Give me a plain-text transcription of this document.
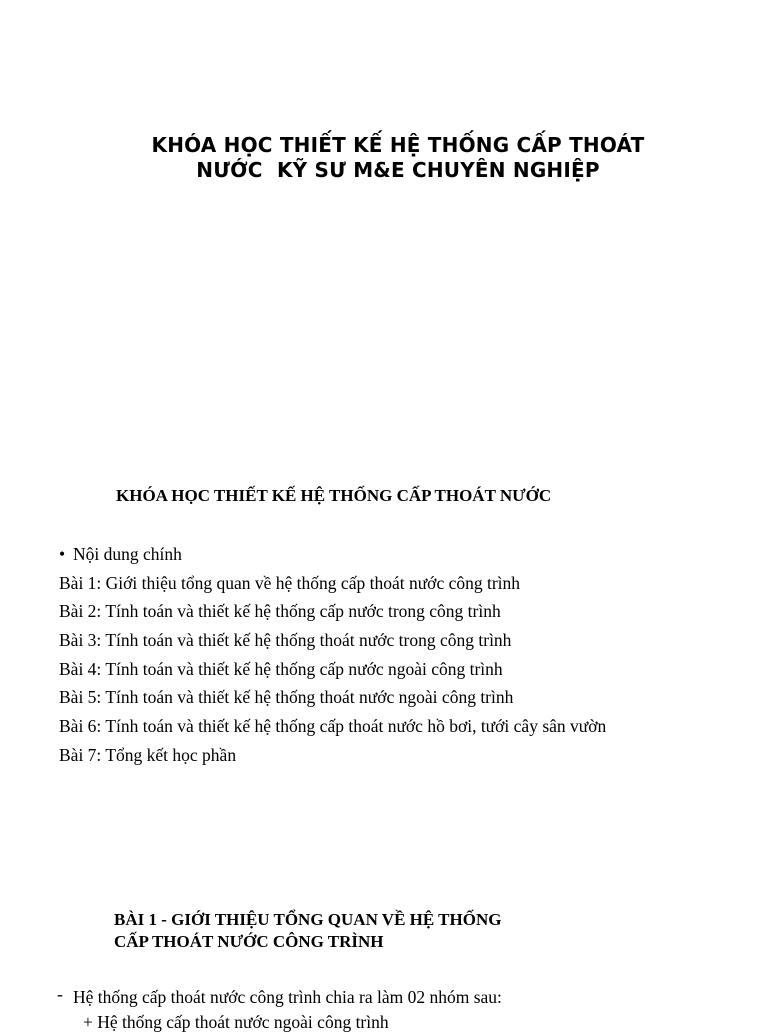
KHÓA HỌC THIẾT KẾ HỆ THỐNG CẤP THOÁT
NƯỚC  KỸ SƯ M&E CHUYÊN NGHIỆP
KHÓA HỌC THIẾT KẾ HỆ THỐNG CẤP THOÁT NƯỚC
• Nội dung chính
Bài 1: Giới thiệu tổng quan về hệ thống cấp thoát nước công trình
Bài 2: Tính toán và thiết kế hệ thống cấp nước trong công trình
Bài 3: Tính toán và thiết kế hệ thống thoát nước trong công trình
Bài 4: Tính toán và thiết kế hệ thống cấp nước ngoài công trình
Bài 5: Tính toán và thiết kế hệ thống thoát nước ngoài công trình
Bài 6: Tính toán và thiết kế hệ thống cấp thoát nước hồ bơi, tưới cây sân vườn
Bài 7: Tổng kết học phần
BÀI 1 - GIỚI THIỆU TỔNG QUAN VỀ HỆ THỐNG
CẤP THOÁT NƯỚC CÔNG TRÌNH
- Hệ thống cấp thoát nước công trình chia ra làm 02 nhóm sau:
+ Hệ thống cấp thoát nước ngoài công trình
